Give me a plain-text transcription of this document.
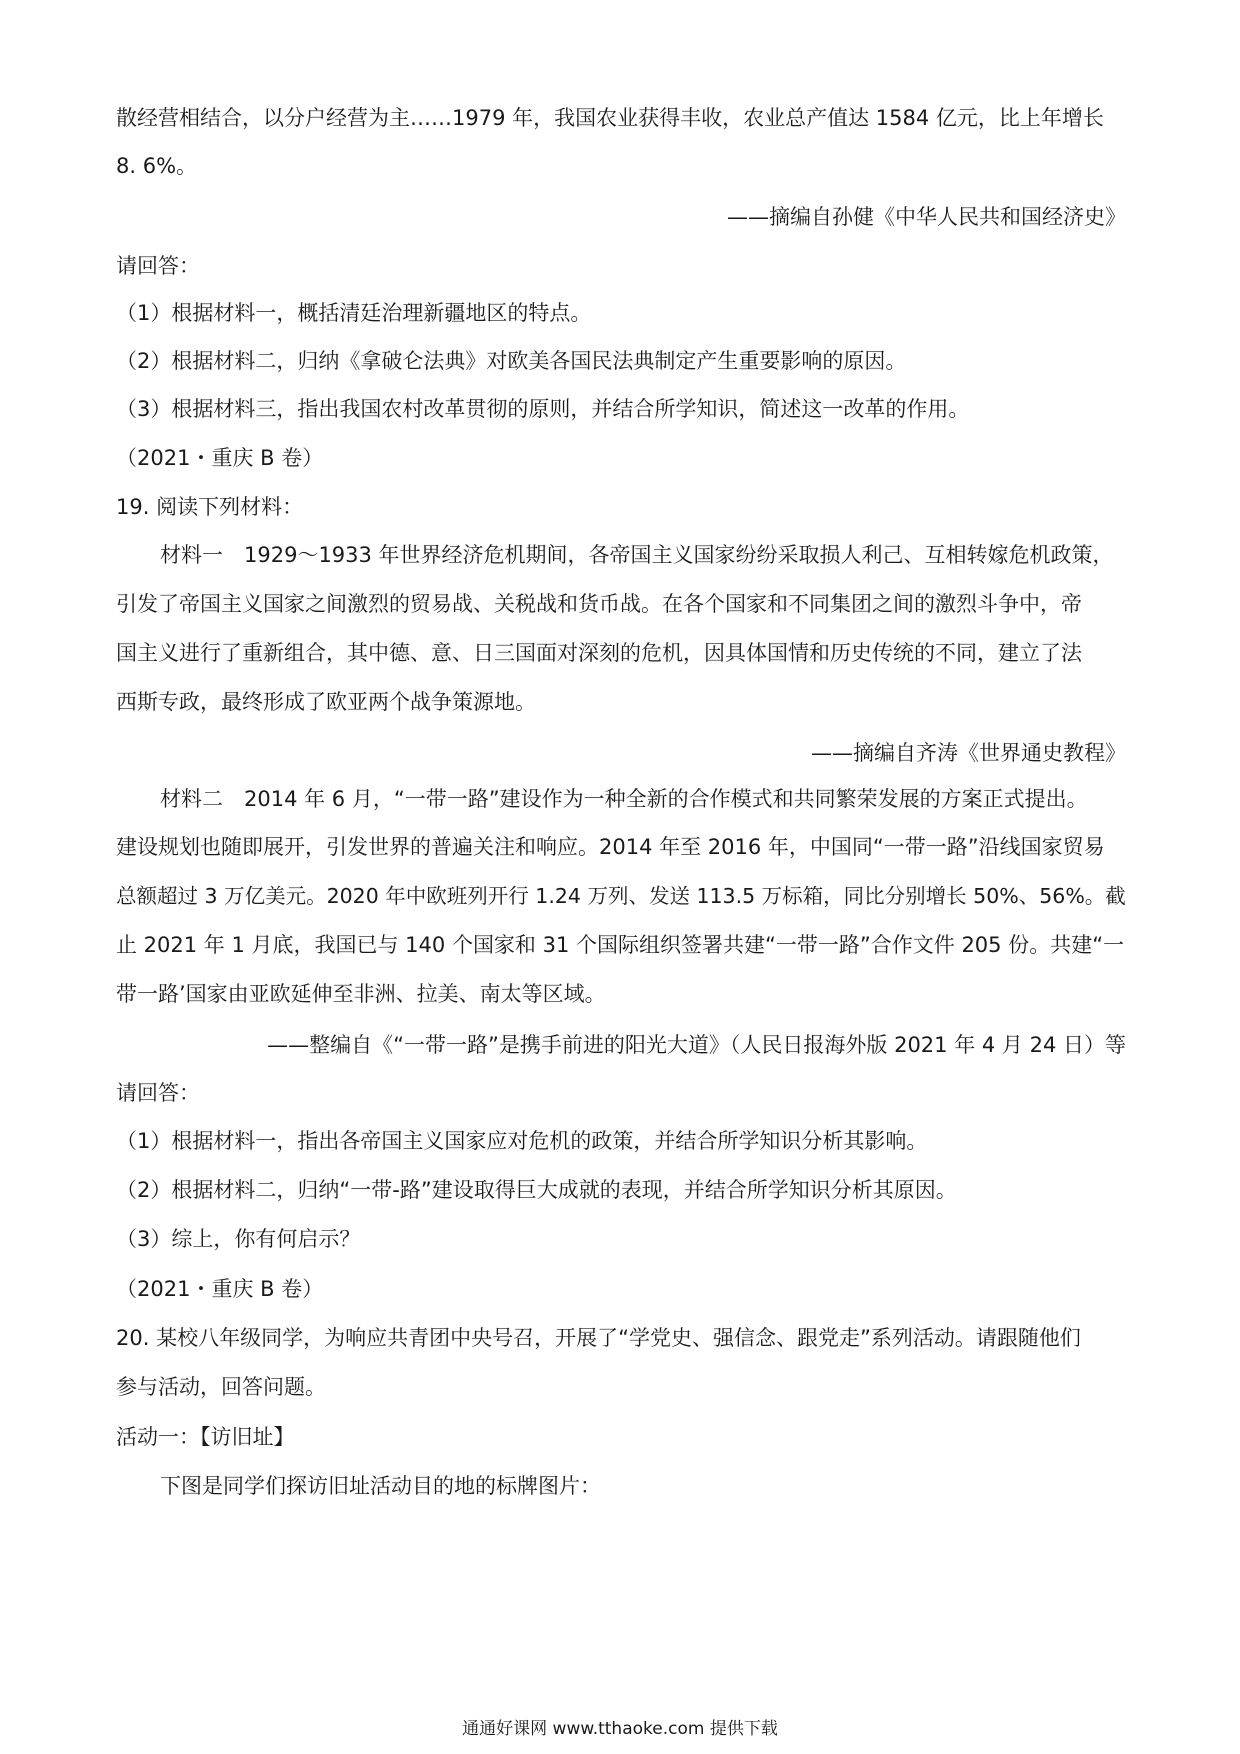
散经营相结合，以分户经营为主……1979 年，我国农业获得丰收，农业总产值达 1584 亿元，比上年增长
8. 6%。
——摘编自孙健《中华人民共和国经济史》
请回答：
（1）根据材料一，概括清廷治理新疆地区的特点。
（2）根据材料二，归纳《拿破仑法典》对欧美各国民法典制定产生重要影响的原因。
（3）根据材料三，指出我国农村改革贯彻的原则，并结合所学知识，简述这一改革的作用。
（2021・重庆 B 卷）
19. 阅读下列材料：
材料一　1929～1933 年世界经济危机期间，各帝国主义国家纷纷采取损人利己、互相转嫁危机政策，
引发了帝国主义国家之间激烈的贸易战、关税战和货币战。在各个国家和不同集团之间的激烈斗争中，帝
国主义进行了重新组合，其中德、意、日三国面对深刻的危机，因具体国情和历史传统的不同，建立了法
西斯专政，最终形成了欧亚两个战争策源地。
——摘编自齐涛《世界通史教程》
材料二　2014 年 6 月，“一带一路”建设作为一种全新的合作模式和共同繁荣发展的方案正式提出。
建设规划也随即展开，引发世界的普遍关注和响应。2014 年至 2016 年，中国同“一带一路”沿线国家贸易
总额超过 3 万亿美元。2020 年中欧班列开行 1.24 万列、发送 113.5 万标箱，同比分别增长 50%、56%。截
止 2021 年 1 月底，我国已与 140 个国家和 31 个国际组织签署共建“一带一路”合作文件 205 份。共建“一
带一路’国家由亚欧延伸至非洲、拉美、南太等区域。
——整编自《“一带一路”是携手前进的阳光大道》（人民日报海外版 2021 年 4 月 24 日）等
请回答：
（1）根据材料一，指出各帝国主义国家应对危机的政策，并结合所学知识分析其影响。
（2）根据材料二，归纳“一带-路”建设取得巨大成就的表现，并结合所学知识分析其原因。
（3）综上，你有何启示？
（2021・重庆 B 卷）
20. 某校八年级同学，为响应共青团中央号召，开展了“学党史、强信念、跟党走”系列活动。请跟随他们
参与活动，回答问题。
活动一：【访旧址】
下图是同学们探访旧址活动目的地的标牌图片：
通通好课网 www.tthaoke.com 提供下载
